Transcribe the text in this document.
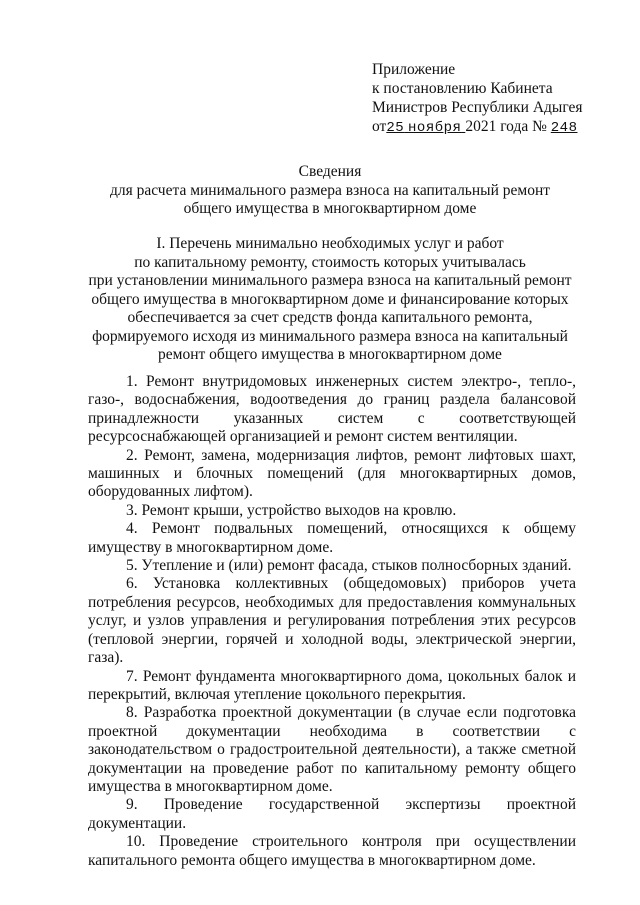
Приложение
к постановлению Кабинета
Министров Республики Адыгея
от25 ноября 2021 года № 248
Сведения
для расчета минимального размера взноса на капитальный ремонт
общего имущества в многоквартирном доме
I. Перечень минимально необходимых услуг и работ
по капитальному ремонту, стоимость которых учитывалась
при установлении минимального размера взноса на капитальный ремонт
общего имущества в многоквартирном доме и финансирование которых
обеспечивается за счет средств фонда капитального ремонта,
формируемого исходя из минимального размера взноса на капитальный
ремонт общего имущества в многоквартирном доме

1. Ремонт внутридомовых инженерных систем электро-, тепло-, газо-, водоснабжения, водоотведения до границ раздела балансовой принадлежности указанных систем с соответствующей ресурсоснабжающей организацией и ремонт систем вентиляции.

2. Ремонт, замена, модернизация лифтов, ремонт лифтовых шахт, машинных и блочных помещений (для многоквартирных домов, оборудованных лифтом).

3. Ремонт крыши, устройство выходов на кровлю.

4. Ремонт подвальных помещений, относящихся к общему имуществу в многоквартирном доме.

5. Утепление и (или) ремонт фасада, стыков полносборных зданий.

6. Установка коллективных (общедомовых) приборов учета потребления ресурсов, необходимых для предоставления коммунальных услуг, и узлов управления и регулирования потребления этих ресурсов (тепловой энергии, горячей и холодной воды, электрической энергии, газа).

7. Ремонт фундамента многоквартирного дома, цокольных балок и перекрытий, включая утепление цокольного перекрытия.

8. Разработка проектной документации (в случае если подготовка проектной документации необходима в соответствии с законодательством о градостроительной деятельности), а также сметной документации на проведение работ по капитальному ремонту общего имущества в многоквартирном доме.

9. Проведение государственной экспертизы проектной документации.

10. Проведение строительного контроля при осуществлении капитального ремонта общего имущества в многоквартирном доме.
